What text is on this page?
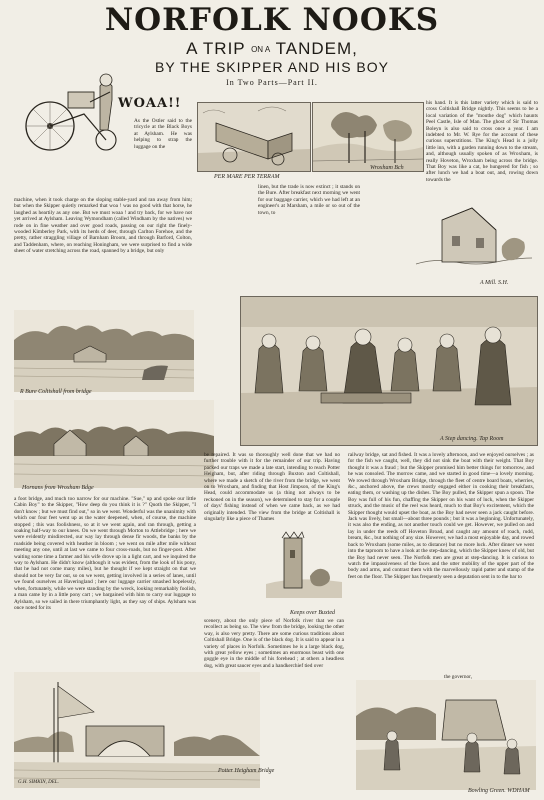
NORFOLK NOOKS
A TRIP ON A TANDEM,
BY THE SKIPPER AND HIS BOY
In Two Parts—Part II.
WOAA!!

As the Ostler said to the tricycle at the Black Boys at Aylsham. He was helping to strap the luggage on the

machine, when it took charge on the sloping stable-yard and ran away from him; but when the Skipper quietly remarked that woa ! was no good with that horse, he laughed as heartily as any one. But we must woaa ! and try back, for we have not yet arrived at Aylsham. Leaving Wymondham (called Windham by the natives) we rode on in fine weather and over good roads, passing on our right the finely-wooded Kimberley Park, with its herds of deer, through Carlton Forehoe, and the pretty, rather straggling village of Barnham Broom, and through Barford, Colton, and Taddenham, where, on reaching Honingham, we were surprised to find a wide sheet of water stretching across the road, spanned by a bridge, but only

PER MARE PER TERRAM
Wroxham Bch

his hand. It is this latter variety which is said to cross Coltishall Bridge nightly. This seems to be a local variation of the "mouthe dog" which haunts Peel Castle, Isle of Man. The ghost of Sir Thomas Boleyn is also said to cross once a year. I am indebted to Mr. W. Rye for the account of these curious superstitions. The King's Head is a jolly little inn, with a garden running down to the stream, and, although usually spoken of as Wroxham, is really Hoveton, Wroxham being across the bridge. That Boy was like a cat, he hungered for fish ; so after lunch we had a boat out, and, rowing down towards the

linen, but the trade is now extinct ; it stands on the Bure. After breakfast next morning we went for our baggage carrier, which we had left at an engineer's at Marsham, a mile or so out of the town, to

A Mill. S.H.
R Bure Coltishall from bridge
Hornans from Wroxham Bdge
A Step dancing. Tap Room

a foot bridge, and much too narrow for our machine. "Sue," up and spoke our little Cabin Boy" to the Skipper, "How deep do you think it is ?" Quoth the Skipper, "I don't know ; but we must find out," so in we went. Wonderful was the unanimity with which our four feet went up as the water deepened, when, of course, the machine stopped ; this was foolishness, so at it we went again, and ran through, getting a soaking half-way to our knees. On we went through Morton to Attlebridge ; here we were evidently misdirected, our way lay through dense fir woods, the banks by the roadside being covered with heather in bloom ; we went on mile after mile without meeting any one, until at last we came to four cross-roads, but no finger-post. After waiting some time a farmer and his wife drove up in a light cart, and we inquired the way to Aylsham. He didn't know (although it was evident, from the look of his pony, that he had not come many miles), but he thought if we kept straight on that we should not be very far out, so on we went, getting involved in a series of lanes, until we found ourselves at Haveringland ; here our luggage carrier smashed hopelessly, when, fortunately, while we were standing by the wreck, looking remarkably foolish, a man came by in a little pony cart ; we bargained with him to carry our luggage to Aylsham, so we sailed in there triumphantly light, as they say of ships. Aylsham was once noted for its

be repaired. It was so thoroughly well done that we had no further trouble with it for the remainder of our trip. Having packed our traps we made a late start, intending to reach Potter Heigham, but, after riding through Buxton and Coltishall, where we made a sketch of the river from the bridge, we went on to Wroxham, and finding that Host Jimpson, of the King's Head, could accommodate us (a thing not always to be reckoned on in the season), we determined to stay for a couple of days' fishing instead of when we came back, as we had originally intended. The view from the bridge at Coltishall is singularly like a piece of Thames

Keeps over Buxted

scenery, about the only piece of Norfolk river that we can recollect as being so. The view from the bridge, looking the other way, is also very pretty. There are some curious traditions about Coltishall Bridge. One is of the black dog. It is said to appear in a variety of places in Norfolk. Sometimes he is a large black dog, with great yellow eyes ; sometimes an enormous beast with one goggle eye in the middle of his forehead ; at others a headless dog, with great saucer eyes and a handkerchief tied over

railway bridge, sat and fished. It was a lovely afternoon, and we enjoyed ourselves ; as for the fish we caught, well, they did not sink the boat with their weight. That Boy thought it was a fraud ; but the Skipper promised him better things for tomorrow, and he was consoled. The morrow came, and we started in good time—a lovely morning. We rowed through Wroxham Bridge, through the fleet of centre board boats, wherries, &c., anchored above, the crews mostly engaged either in cooking their breakfasts, eating them, or washing up the dishes. The Boy pulled, the Skipper spun a spoon. The Boy was full of his fun, chaffing the Skipper on his want of luck, when the Skipper struck, and the music of the reel was heard, much to that Boy's excitement, which the Skipper thought would upset the boat, as the Boy had never seen a jack caught before. Jack was lively, but small—about three pounds ; but it was a beginning. Unfortunately, it was also the ending, as not another touch could we get. However, we pulled on and lay in under the reeds off Hoveton Broad, and caught any amount of roach, rudd, bream, &c., but nothing of any size. However, we had a most enjoyable day, and rowed back to Wroxham (some miles, as to distance) but no more luck. After dinner we went into the taproom to have a look at the step-dancing, which the Skipper knew of old, but the Boy had never seen. The Norfolk men are great at step-dancing. It is curious to watch the impassiveness of the faces and the utter mobility of the upper part of the body and arms, and contrast them with the marvellously rapid patter and stamp of the feet on the floor. The Skipper has frequently seen a deputation sent in to the bar to

the governor,

G.H. SIMKIN, DEL.
Potter Heigham Bridge
Bowling Green. WDHAM
